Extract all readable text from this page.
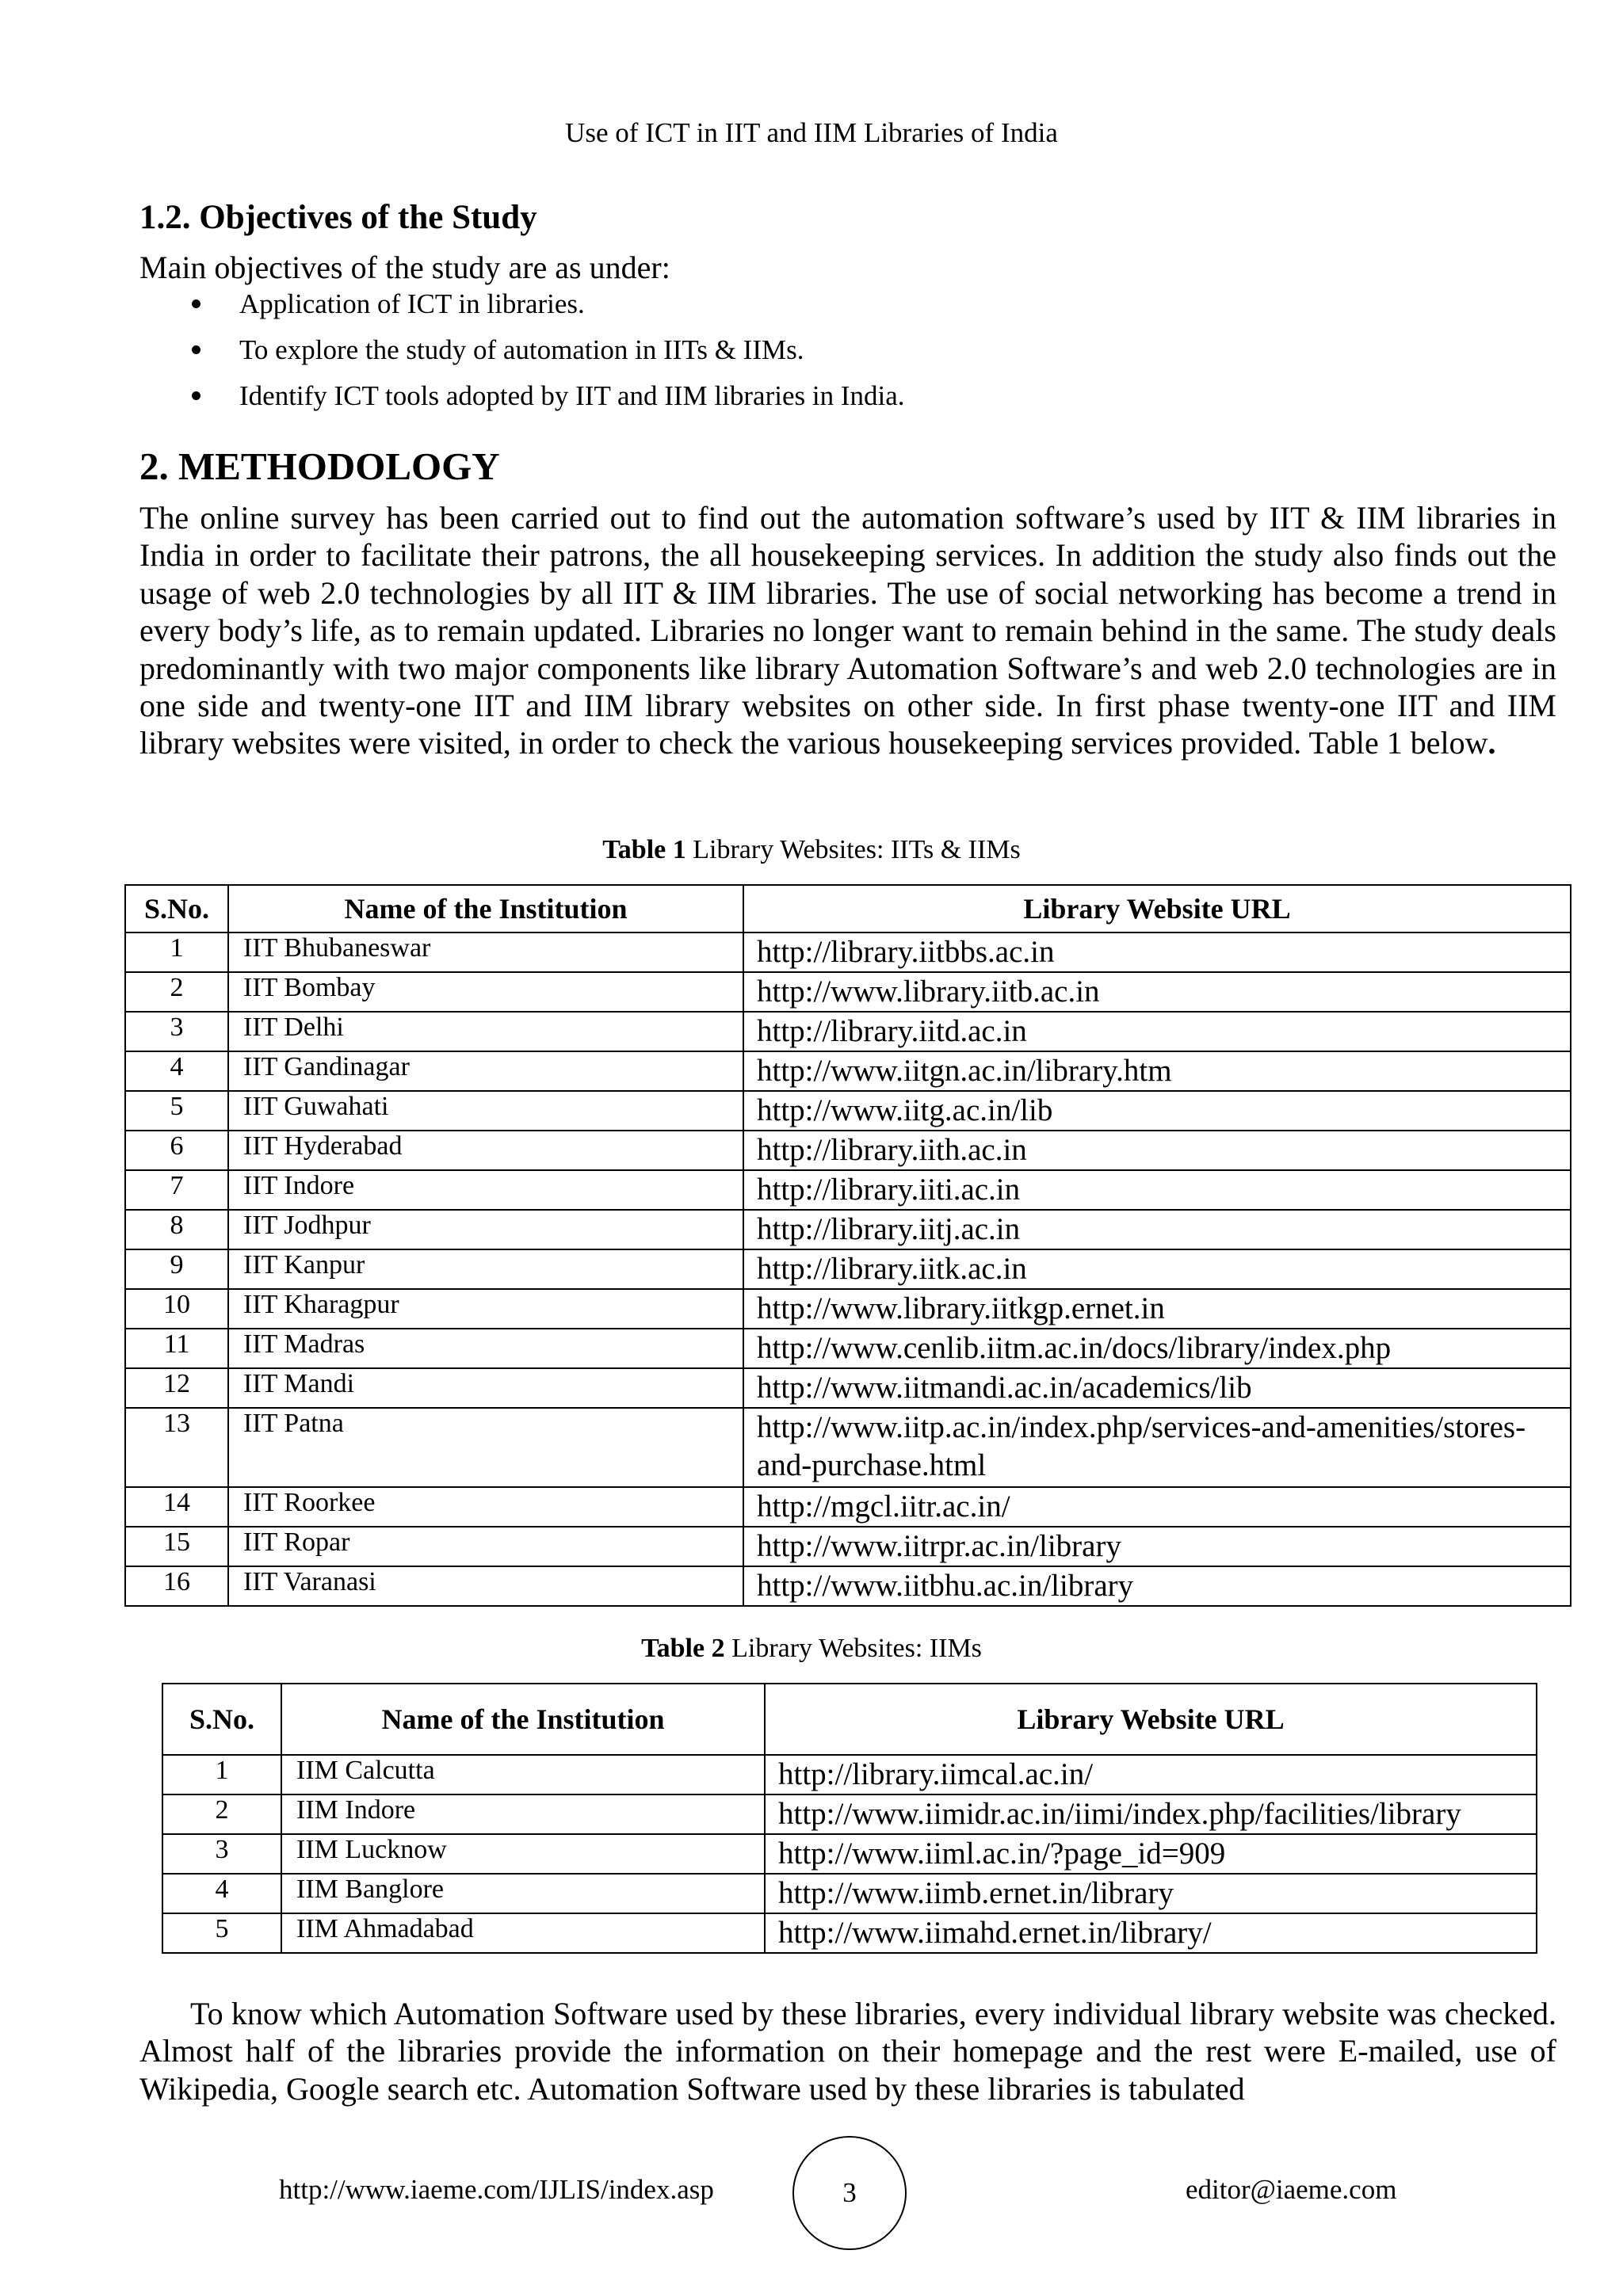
Use of ICT in IIT and IIM Libraries of India
1.2. Objectives of the Study
Main objectives of the study are as under:
Application of ICT in libraries.
To explore the study of automation in IITs & IIMs.
Identify ICT tools adopted by IIT and IIM libraries in India.
2. METHODOLOGY

The online survey has been carried out to find out the automation software’s used by IIT & IIM libraries in India in order to facilitate their patrons, the all housekeeping services. In addition the study also finds out the usage of web 2.0 technologies by all IIT & IIM libraries. The use of social networking has become a trend in every body’s life, as to remain updated. Libraries no longer want to remain behind in the same. The study deals predominantly with two major components like library Automation Software’s and web 2.0 technologies are in one side and twenty-one IIT and IIM library websites on other side. In first phase twenty-one IIT and IIM library websites were visited, in order to check the various housekeeping services provided. Table 1 below.

Table 1 Library Websites: IITs & IIMs
S.No.	Name of the Institution	Library Website URL
1	IIT Bhubaneswar	http://library.iitbbs.ac.in
2	IIT Bombay	http://www.library.iitb.ac.in
3	IIT Delhi	http://library.iitd.ac.in
4	IIT Gandinagar	http://www.iitgn.ac.in/library.htm
5	IIT Guwahati	http://www.iitg.ac.in/lib
6	IIT Hyderabad	http://library.iith.ac.in
7	IIT Indore	http://library.iiti.ac.in
8	IIT Jodhpur	http://library.iitj.ac.in
9	IIT Kanpur	http://library.iitk.ac.in
10	IIT Kharagpur	http://www.library.iitkgp.ernet.in
11	IIT Madras	http://www.cenlib.iitm.ac.in/docs/library/index.php
12	IIT Mandi	http://www.iitmandi.ac.in/academics/lib
13	IIT Patna	http://www.iitp.ac.in/index.php/services-and-amenities/stores- and-purchase.html
14	IIT Roorkee	http://mgcl.iitr.ac.in/
15	IIT Ropar	http://www.iitrpr.ac.in/library
16	IIT Varanasi	http://www.iitbhu.ac.in/library
Table 2 Library Websites: IIMs
S.No.	Name of the Institution	Library Website URL
1	IIM Calcutta	http://library.iimcal.ac.in/
2	IIM Indore	http://www.iimidr.ac.in/iimi/index.php/facilities/library
3	IIM Lucknow	http://www.iiml.ac.in/?page_id=909
4	IIM Banglore	http://www.iimb.ernet.in/library
5	IIM Ahmadabad	http://www.iimahd.ernet.in/library/

To know which Automation Software used by these libraries, every individual library website was checked. Almost half of the libraries provide the information on their homepage and the rest were E-mailed, use of Wikipedia, Google search etc. Automation Software used by these libraries is tabulated

http://www.iaeme.com/IJLIS/index.asp	3	editor@iaeme.com
